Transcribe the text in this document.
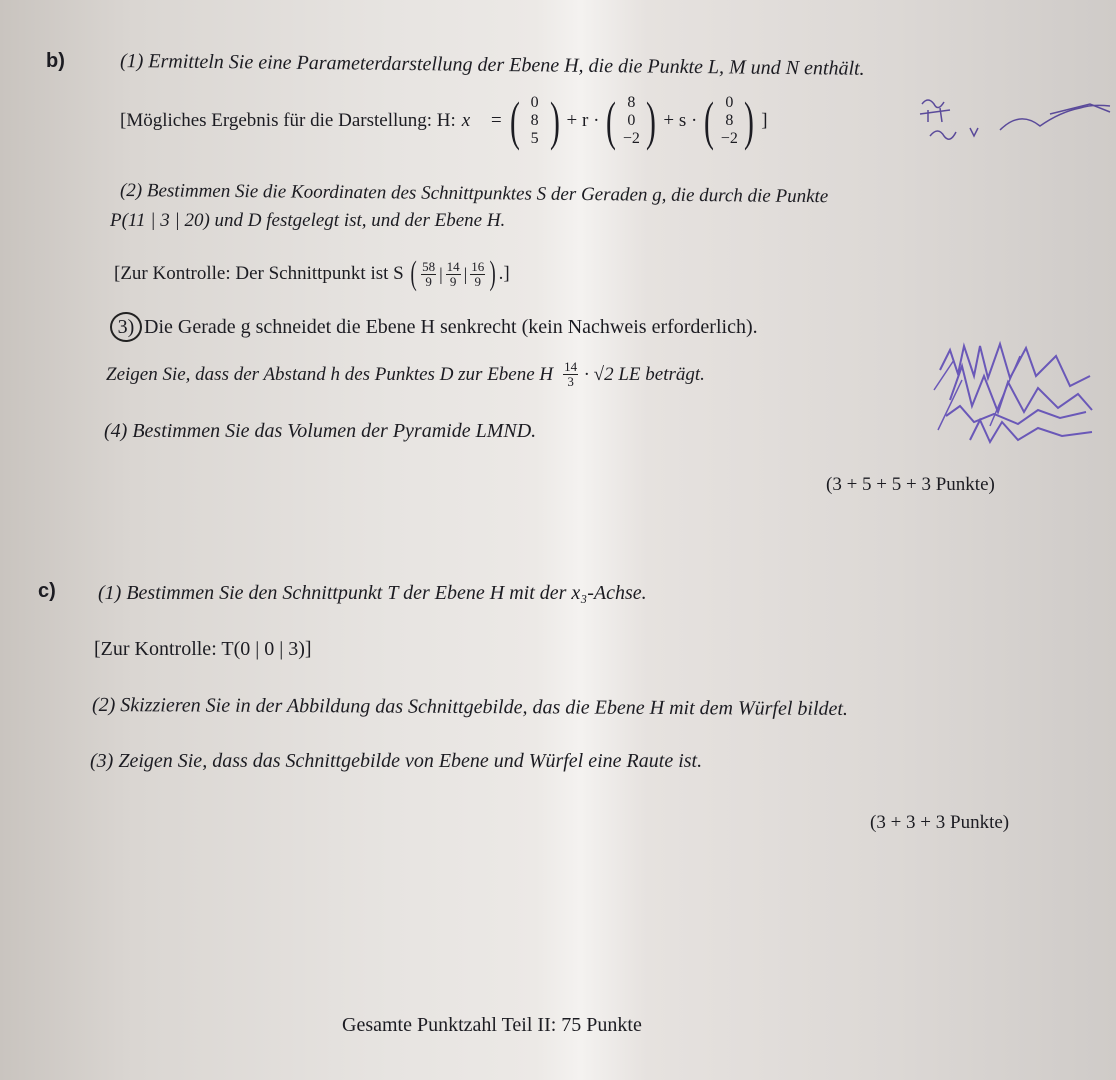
b)	(1) Ermitteln Sie eine Parameterdarstellung der Ebene H, die die Punkte L, M und N enthält.
[Mögliches Ergebnis für die Darstellung: H: x⃗ = ( 0
8
5 ) + r · ( 8
0
−2 ) + s · ( 0
8
−2 ) ]
(2) Bestimmen Sie die Koordinaten des Schnittpunktes S der Geraden g, die durch die Punkte
P(11 | 3 | 20) und D festgelegt ist, und der Ebene H.
[Zur Kontrolle: Der Schnittpunkt ist S ( $\frac{58}{9}$ | $\frac{14}{9}$ | $\frac{16}{9}$ ) .]
3) Die Gerade g schneidet die Ebene H senkrecht (kein Nachweis erforderlich).
Zeigen Sie, dass der Abstand h des Punktes D zur Ebene H $\frac{14}{3} \cdot √2$ LE beträgt.
(4) Bestimmen Sie das Volumen der Pyramide LMND.
(3 + 5 + 5 + 3 Punkte)
c) (1) Bestimmen Sie den Schnittpunkt T der Ebene H mit der x₃-Achse.
[Zur Kontrolle: T(0 | 0 | 3)]
(2) Skizzieren Sie in der Abbildung das Schnittgebilde, das die Ebene H mit dem Würfel bildet.
(3) Zeigen Sie, dass das Schnittgebilde von Ebene und Würfel eine Raute ist.
(3 + 3 + 3 Punkte)
Gesamte Punktzahl Teil II: 75 Punkte
